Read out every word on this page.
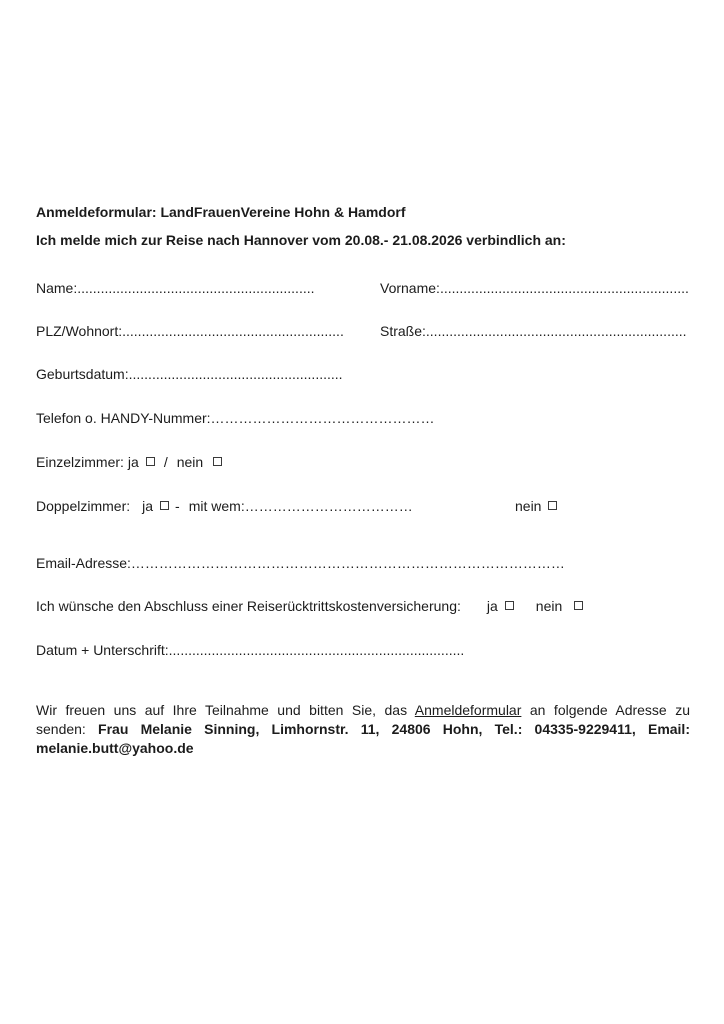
Anmeldeformular: LandFrauenVereine Hohn & Hamdorf
Ich melde mich zur Reise nach Hannover vom 20.08.- 21.08.2026 verbindlich an:
Name:.............................................................	Vorname:................................................................
PLZ/Wohnort:.........................................................	Straße:...................................................................
Geburtsdatum:.......................................................
Telefon o. HANDY-Nummer:…………………………………………
Einzelzimmer: ja / nein
Doppelzimmer: ja - mit wem:………………………………	nein
Email-Adresse:…………………………………………………………………………………
Ich wünsche den Abschluss einer Reiserücktrittskostenversicherung: ja	nein
Datum + Unterschrift:............................................................................
Wir freuen uns auf Ihre Teilnahme und bitten Sie, das Anmeldeformular an folgende Adresse zu
senden: Frau Melanie Sinning, Limhornstr. 11, 24806 Hohn, Tel.: 04335-9229411, Email:
melanie.butt@yahoo.de
